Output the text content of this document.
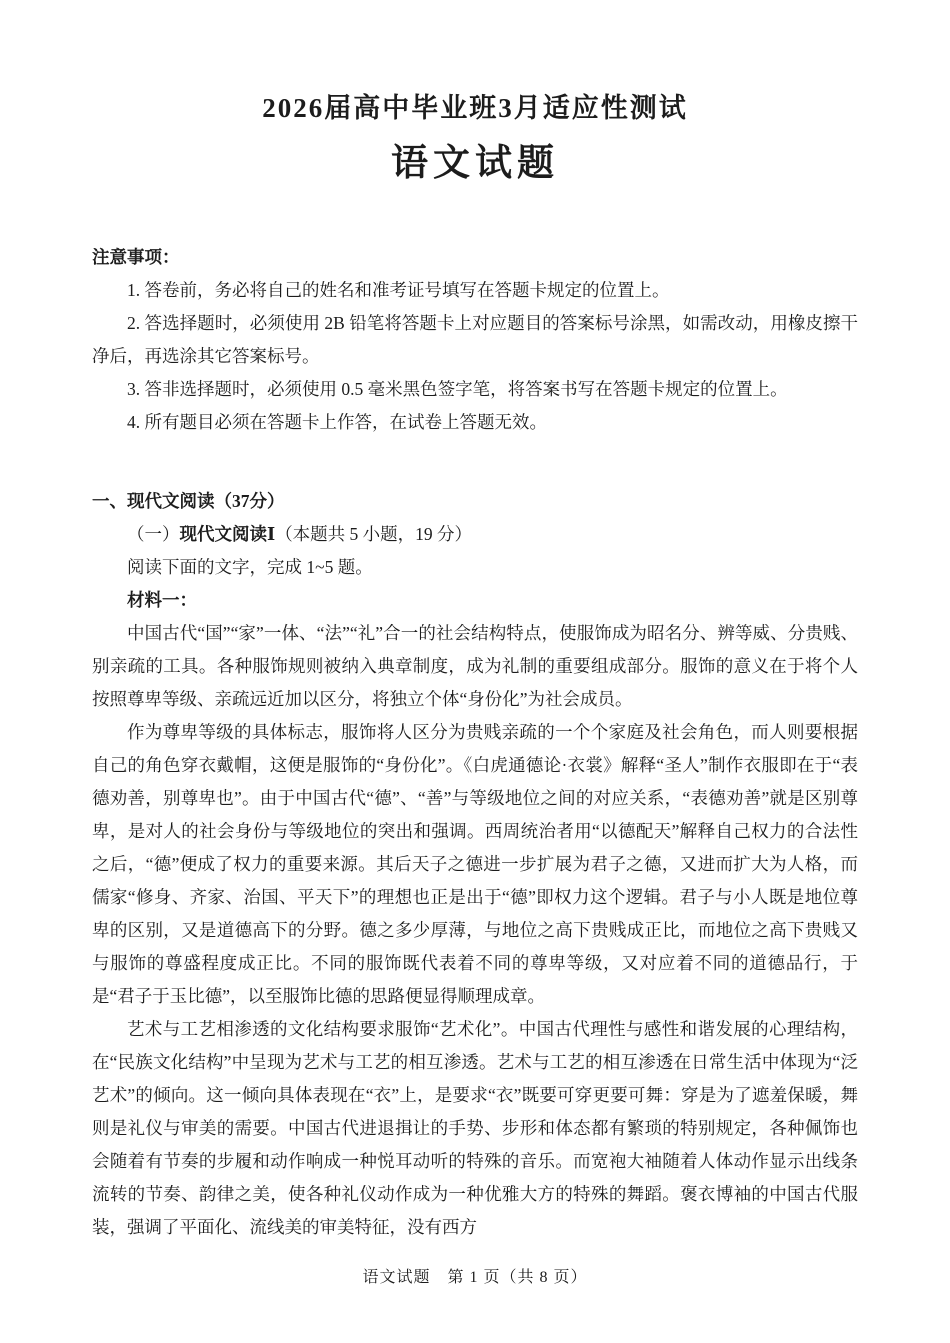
2026届高中毕业班3月适应性测试
语文试题

注意事项：

1. 答卷前，务必将自己的姓名和准考证号填写在答题卡规定的位置上。

2. 答选择题时，必须使用 2B 铅笔将答题卡上对应题目的答案标号涂黑，如需改动，用橡皮擦干净后，再选涂其它答案标号。

3. 答非选择题时，必须使用 0.5 毫米黑色签字笔，将答案书写在答题卡规定的位置上。

4. 所有题目必须在答题卡上作答，在试卷上答题无效。

一、现代文阅读（37分）

（一）现代文阅读Ⅰ（本题共 5 小题，19 分）

阅读下面的文字，完成 1~5 题。

材料一：

中国古代“国”“家”一体、“法”“礼”合一的社会结构特点，使服饰成为昭名分、辨等威、分贵贱、别亲疏的工具。各种服饰规则被纳入典章制度，成为礼制的重要组成部分。服饰的意义在于将个人按照尊卑等级、亲疏远近加以区分，将独立个体“身份化”为社会成员。

作为尊卑等级的具体标志，服饰将人区分为贵贱亲疏的一个个家庭及社会角色，而人则要根据自己的角色穿衣戴帽，这便是服饰的“身份化”。《白虎通德论·衣裳》解释“圣人”制作衣服即在于“表德劝善，别尊卑也”。由于中国古代“德”、“善”与等级地位之间的对应关系，“表德劝善”就是区别尊卑，是对人的社会身份与等级地位的突出和强调。西周统治者用“以德配天”解释自己权力的合法性之后，“德”便成了权力的重要来源。其后天子之德进一步扩展为君子之德，又进而扩大为人格，而儒家“修身、齐家、治国、平天下”的理想也正是出于“德”即权力这个逻辑。君子与小人既是地位尊卑的区别，又是道德高下的分野。德之多少厚薄，与地位之高下贵贱成正比，而地位之高下贵贱又与服饰的尊盛程度成正比。不同的服饰既代表着不同的尊卑等级，又对应着不同的道德品行，于是“君子于玉比德”，以至服饰比德的思路便显得顺理成章。

艺术与工艺相渗透的文化结构要求服饰“艺术化”。中国古代理性与感性和谐发展的心理结构，在“民族文化结构”中呈现为艺术与工艺的相互渗透。艺术与工艺的相互渗透在日常生活中体现为“泛艺术”的倾向。这一倾向具体表现在“衣”上，是要求“衣”既要可穿更要可舞：穿是为了遮羞保暖，舞则是礼仪与审美的需要。中国古代进退揖让的手势、步形和体态都有繁琐的特别规定，各种佩饰也会随着有节奏的步履和动作响成一种悦耳动听的特殊的音乐。而宽袍大袖随着人体动作显示出线条流转的节奏、韵律之美，使各种礼仪动作成为一种优雅大方的特殊的舞蹈。褒衣博袖的中国古代服装，强调了平面化、流线美的审美特征，没有西方

语文试题　第 1 页（共 8 页）
